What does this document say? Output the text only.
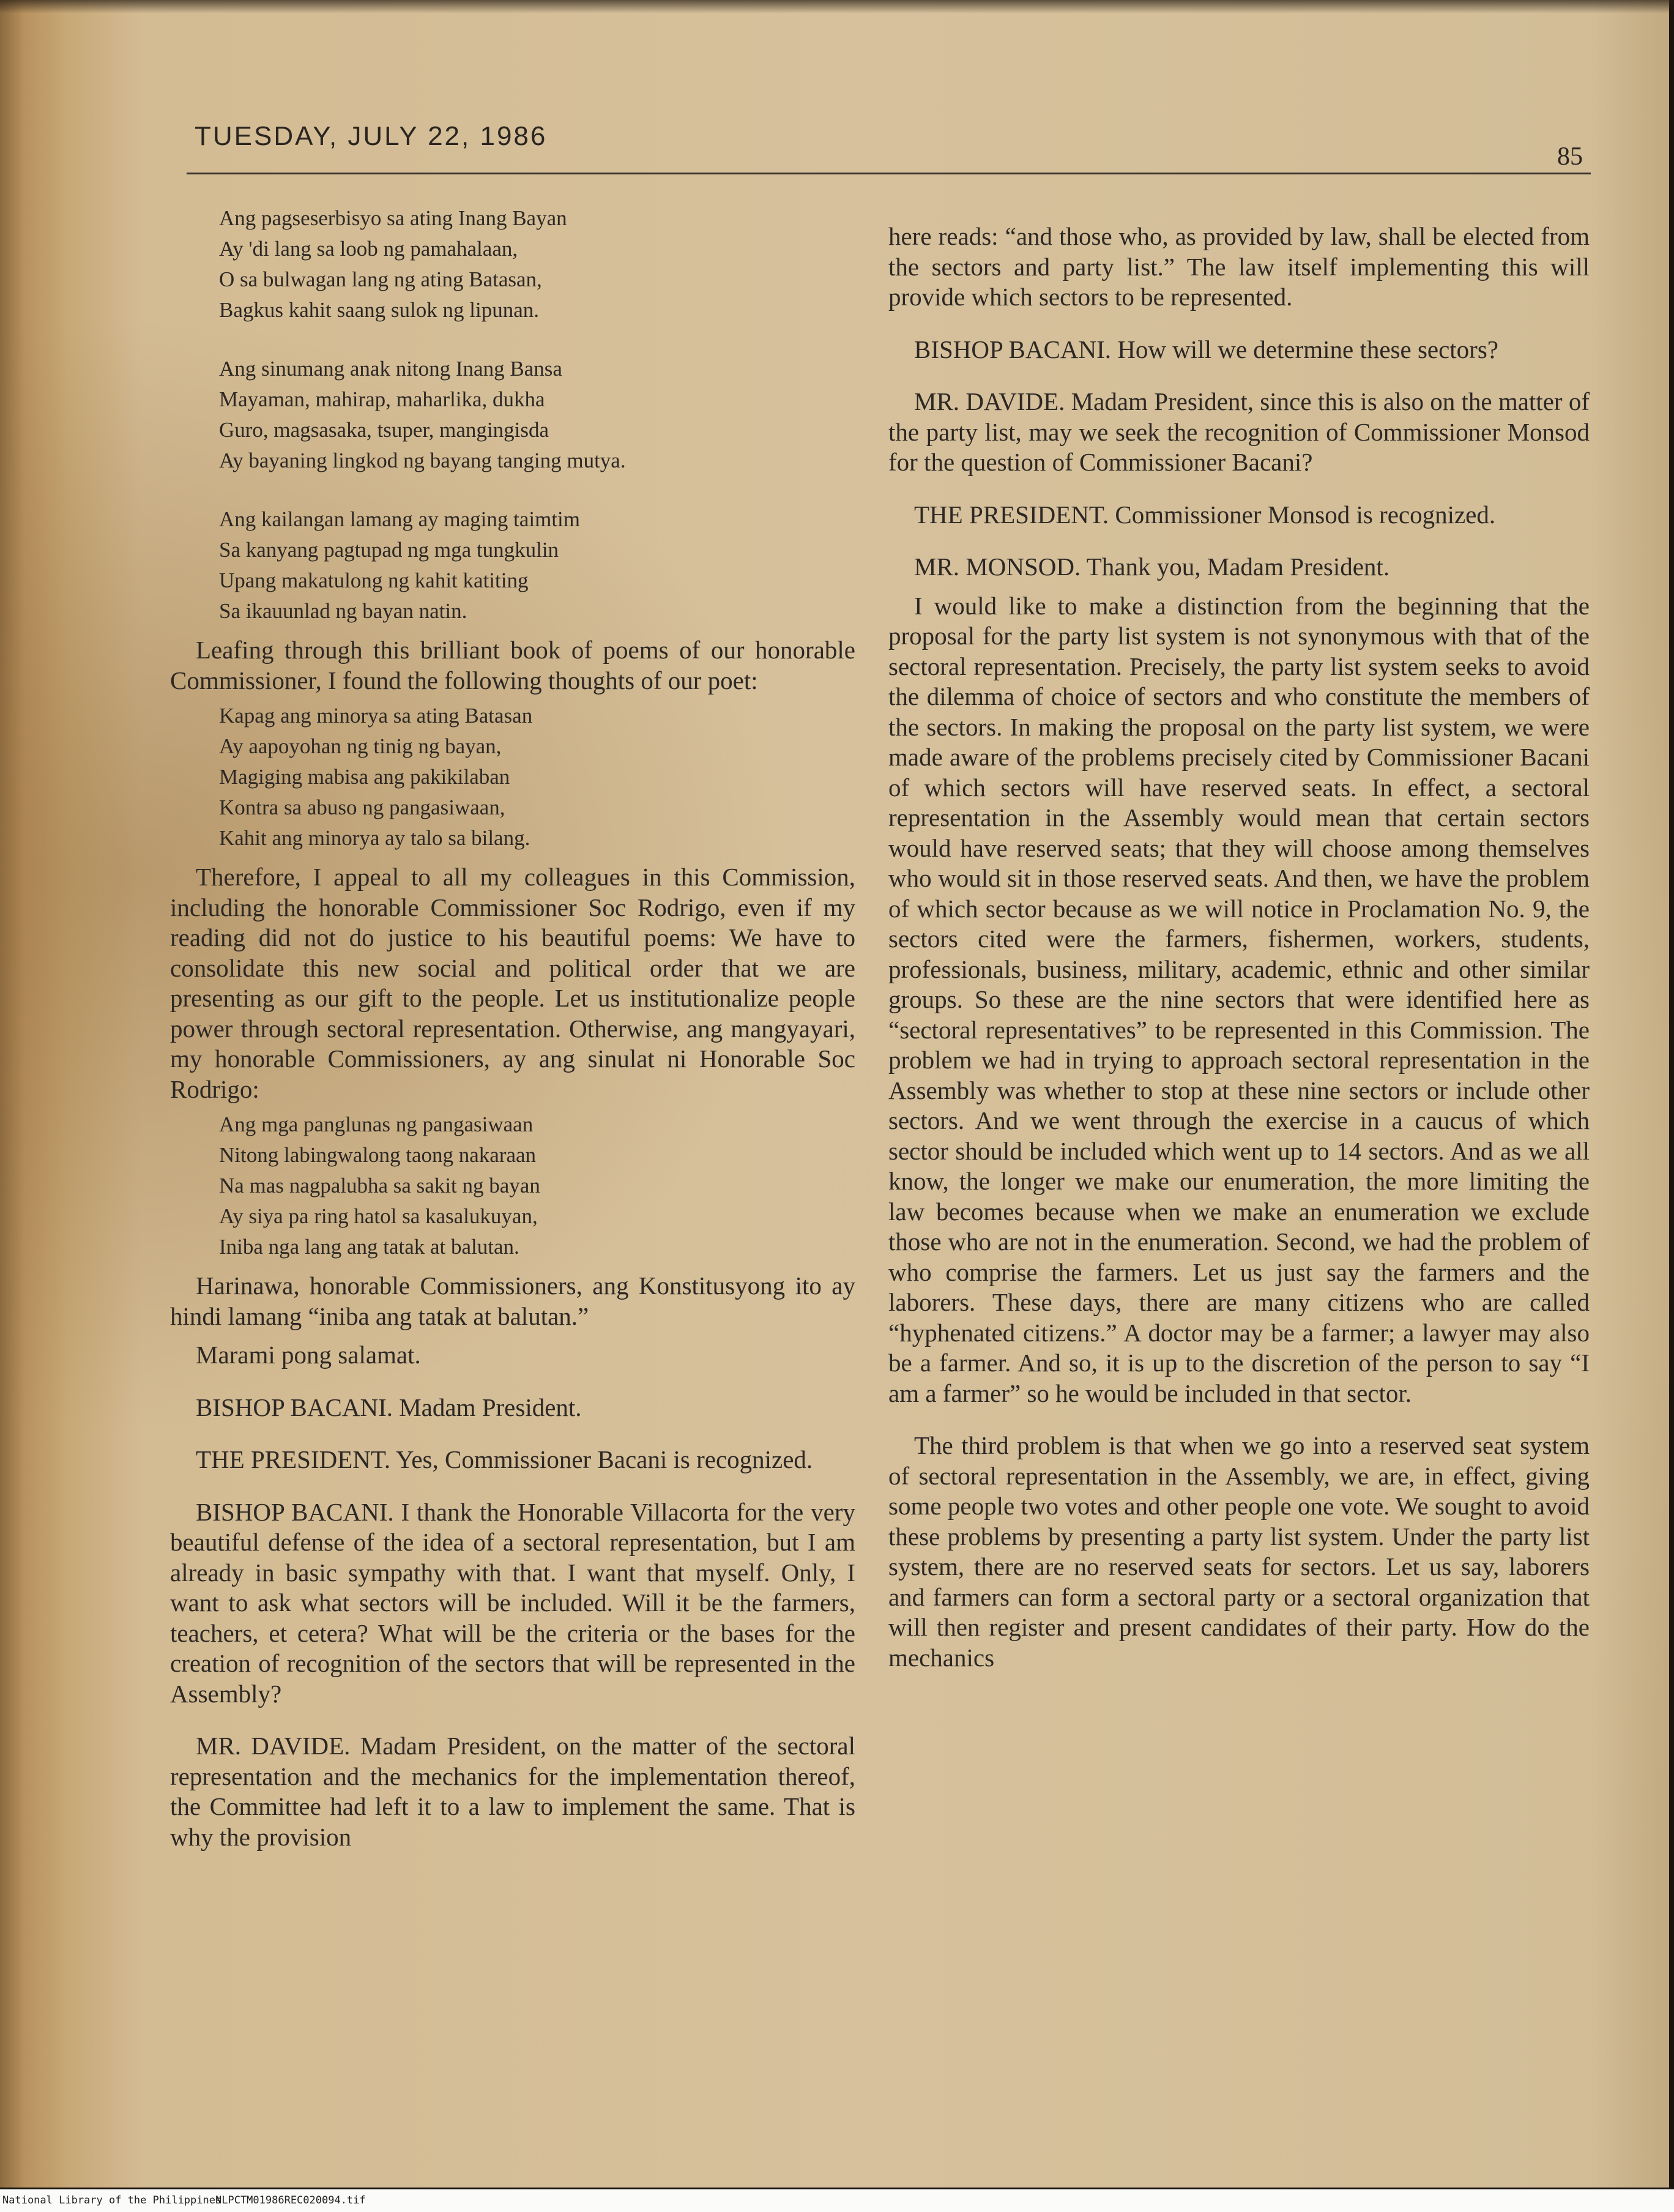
TUESDAY, JULY 22, 1986
85
Ang pagseserbisyo sa ating Inang Bayan
Ay 'di lang sa loob ng pamahalaan,
O sa bulwagan lang ng ating Batasan,
Bagkus kahit saang sulok ng lipunan.
Ang sinumang anak nitong Inang Bansa
Mayaman, mahirap, maharlika, dukha
Guro, magsasaka, tsuper, mangingisda
Ay bayaning lingkod ng bayang tanging mutya.
Ang kailangan lamang ay maging taimtim
Sa kanyang pagtupad ng mga tungkulin
Upang makatulong ng kahit katiting
Sa ikauunlad ng bayan natin.

Leafing through this brilliant book of poems of our honorable Commissioner, I found the following thoughts of our poet:

Kapag ang minorya sa ating Batasan
Ay aapoyohan ng tinig ng bayan,
Magiging mabisa ang pakikilaban
Kontra sa abuso ng pangasiwaan,
Kahit ang minorya ay talo sa bilang.

Therefore, I appeal to all my colleagues in this Commission, including the honorable Commissioner Soc Rodrigo, even if my reading did not do justice to his beautiful poems: We have to consolidate this new social and political order that we are presenting as our gift to the people. Let us institutionalize people power through sectoral representation. Otherwise, ang mangyayari, my honorable Commissioners, ay ang sinulat ni Honorable Soc Rodrigo:

Ang mga panglunas ng pangasiwaan
Nitong labingwalong taong nakaraan
Na mas nagpalubha sa sakit ng bayan
Ay siya pa ring hatol sa kasalukuyan,
Iniba nga lang ang tatak at balutan.

Harinawa, honorable Commissioners, ang Konstitusyong ito ay hindi lamang “iniba ang tatak at balutan.”

Marami pong salamat.

BISHOP BACANI. Madam President.

THE PRESIDENT. Yes, Commissioner Bacani is recognized.

BISHOP BACANI. I thank the Honorable Villacorta for the very beautiful defense of the idea of a sectoral representation, but I am already in basic sympathy with that. I want that myself. Only, I want to ask what sectors will be included. Will it be the farmers, teachers, et cetera? What will be the criteria or the bases for the creation of recognition of the sectors that will be represented in the Assembly?

MR. DAVIDE. Madam President, on the matter of the sectoral representation and the mechanics for the implementation thereof, the Committee had left it to a law to implement the same. That is why the provision

here reads: “and those who, as provided by law, shall be elected from the sectors and party list.” The law itself implementing this will provide which sectors to be represented.

BISHOP BACANI. How will we determine these sectors?

MR. DAVIDE. Madam President, since this is also on the matter of the party list, may we seek the recognition of Commissioner Monsod for the question of Commissioner Bacani?

THE PRESIDENT. Commissioner Monsod is recognized.

MR. MONSOD. Thank you, Madam President.

I would like to make a distinction from the beginning that the proposal for the party list system is not synonymous with that of the sectoral representation. Precisely, the party list system seeks to avoid the dilemma of choice of sectors and who constitute the members of the sectors. In making the proposal on the party list system, we were made aware of the problems precisely cited by Commissioner Bacani of which sectors will have reserved seats. In effect, a sectoral representation in the Assembly would mean that certain sectors would have reserved seats; that they will choose among themselves who would sit in those reserved seats. And then, we have the problem of which sector because as we will notice in Proclamation No. 9, the sectors cited were the farmers, fishermen, workers, students, professionals, business, military, academic, ethnic and other similar groups. So these are the nine sectors that were identified here as “sectoral representatives” to be represented in this Commission. The problem we had in trying to approach sectoral representation in the Assembly was whether to stop at these nine sectors or include other sectors. And we went through the exercise in a caucus of which sector should be included which went up to 14 sectors. And as we all know, the longer we make our enumeration, the more limiting the law becomes because when we make an enumeration we exclude those who are not in the enumeration. Second, we had the problem of who comprise the farmers. Let us just say the farmers and the laborers. These days, there are many citizens who are called “hyphenated citizens.” A doctor may be a farmer; a lawyer may also be a farmer. And so, it is up to the discretion of the person to say “I am a farmer” so he would be included in that sector.

The third problem is that when we go into a reserved seat system of sectoral representation in the Assembly, we are, in effect, giving some people two votes and other people one vote. We sought to avoid these problems by presenting a party list system. Under the party list system, there are no reserved seats for sectors. Let us say, laborers and farmers can form a sectoral party or a sectoral organization that will then register and present candidates of their party. How do the mechanics

National Library of the Philippines
NLPCTM01986REC020094.tif
